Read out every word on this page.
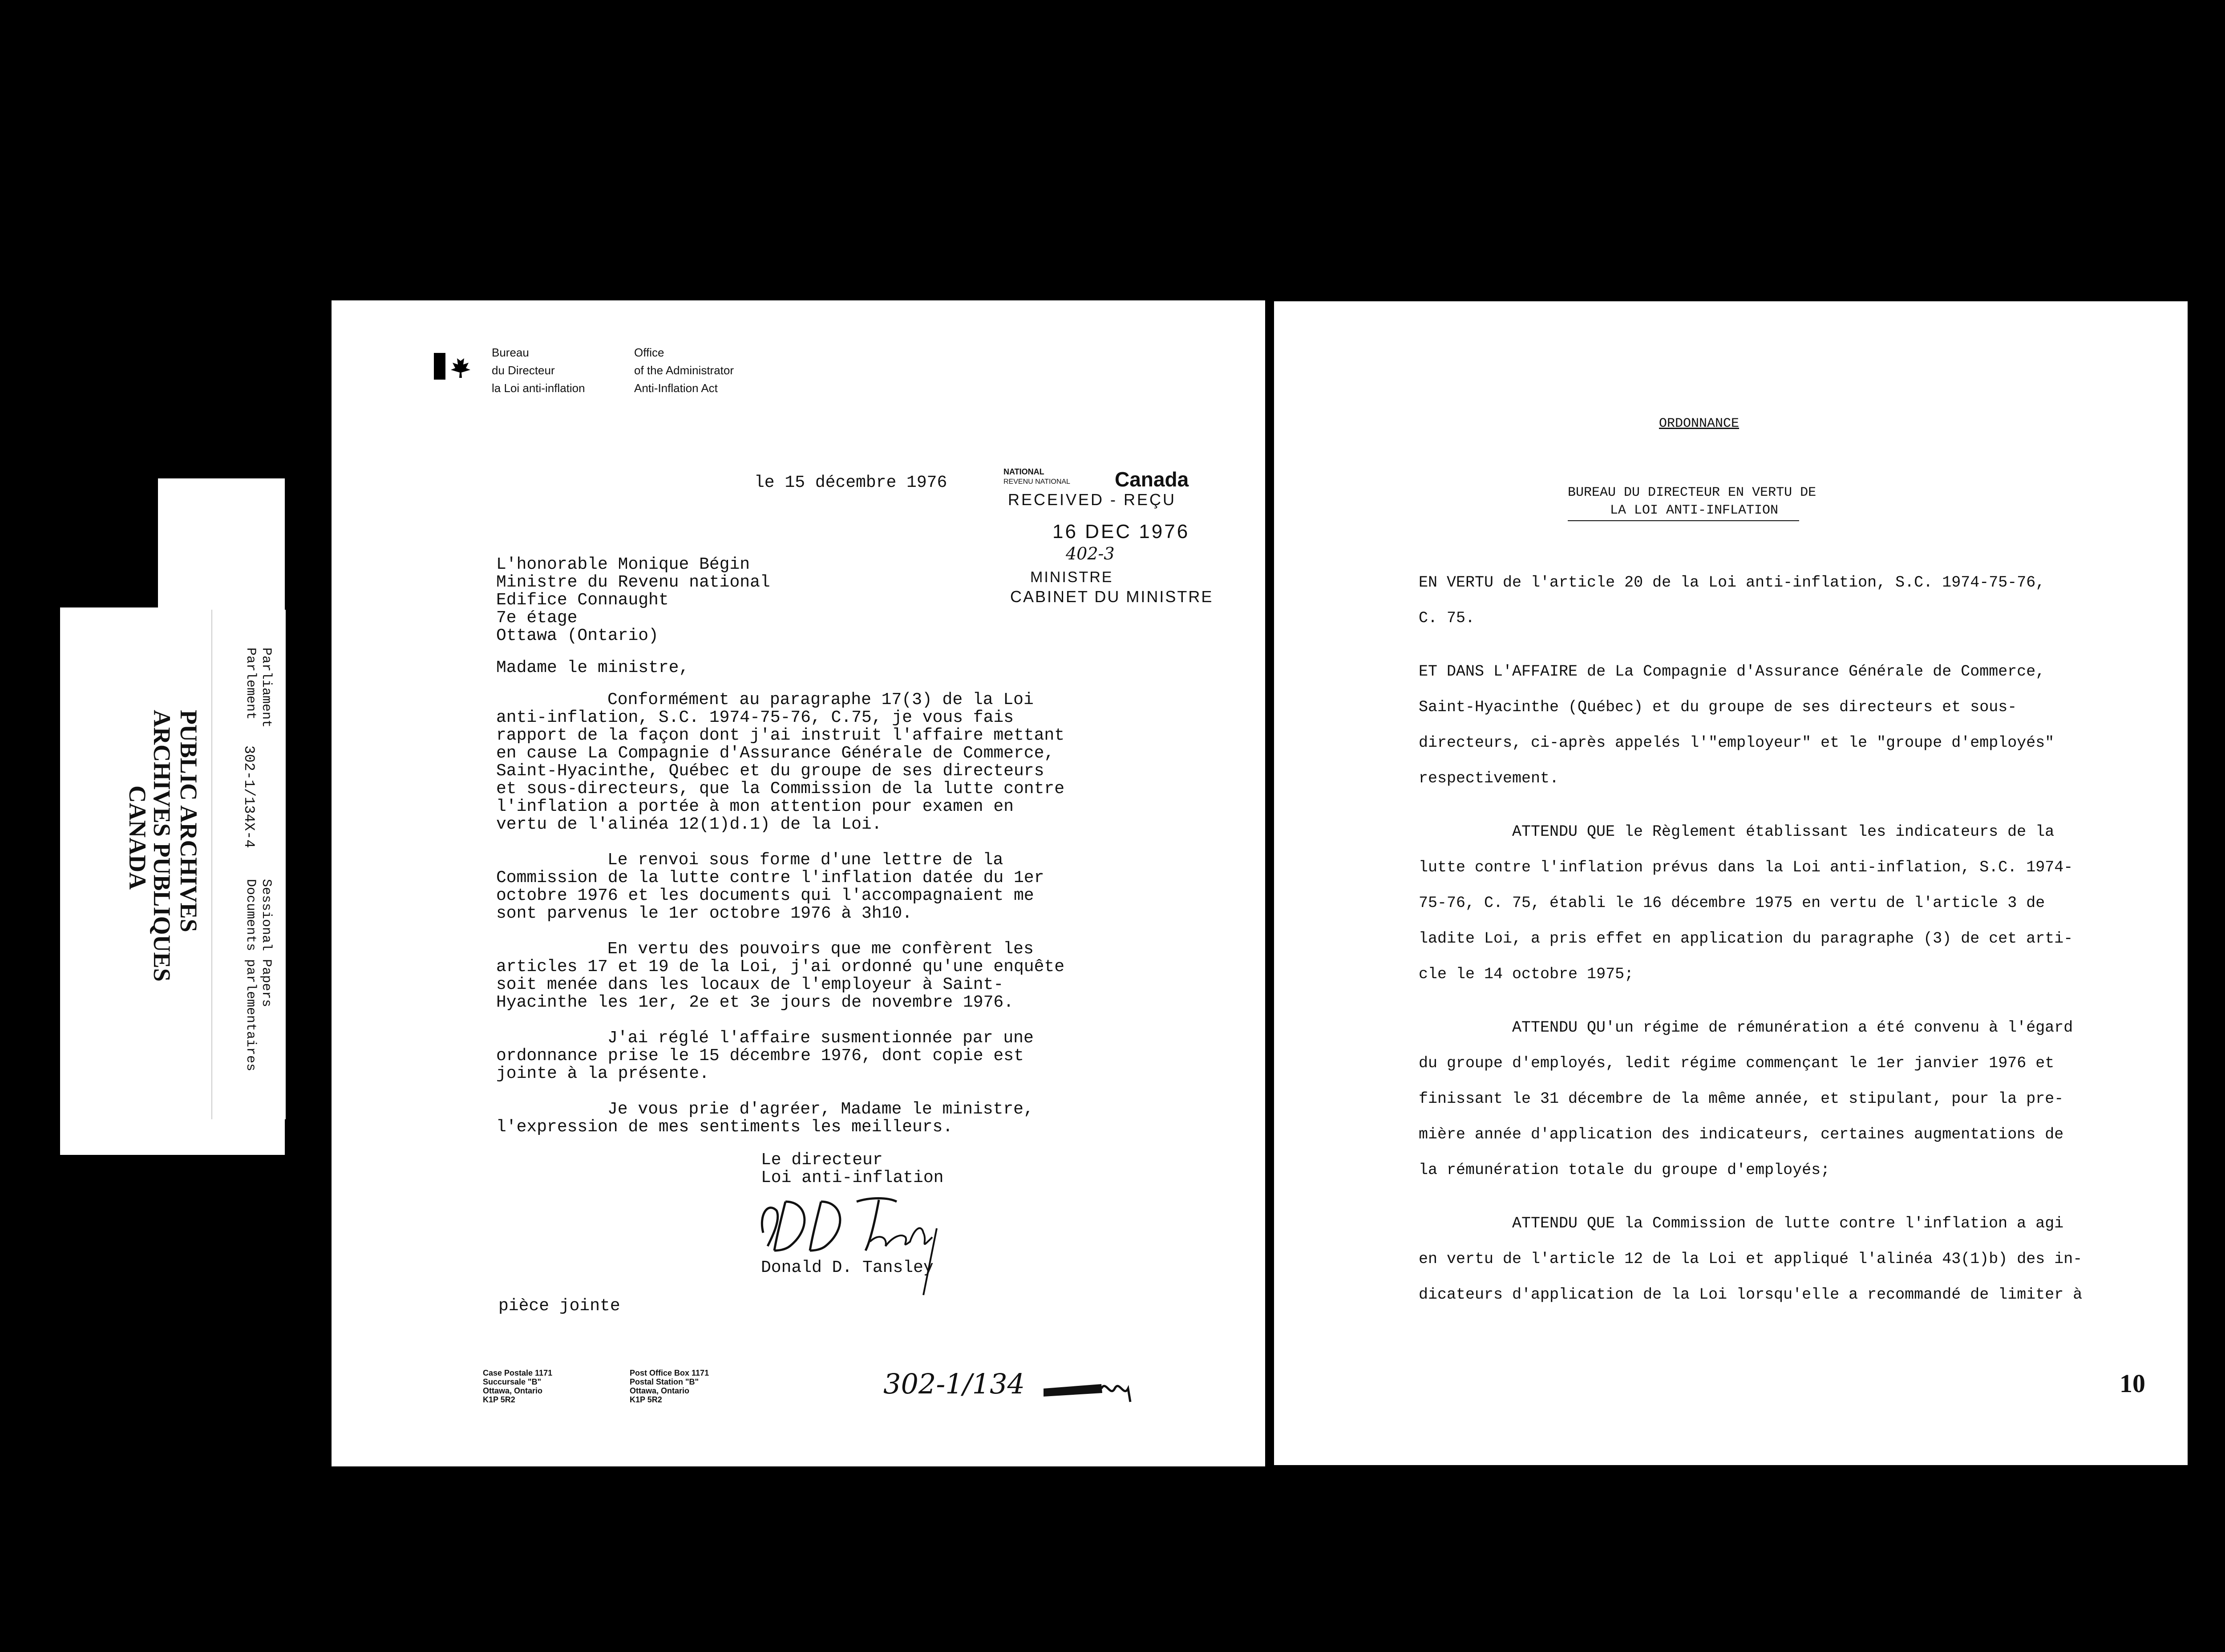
PUBLIC ARCHIVES
ARCHIVES PUBLIQUES
CANADA
Parliament
Parlement
302-1/134X-4
Sessional Papers
Documents parlementaires
Bureau
du Directeur
la Loi anti-inflation
Office
of the Administrator
Anti-Inflation Act
le 15 décembre 1976
NATIONAL
REVENU NATIONAL Canada
RECEIVED - REÇU
16 DEC 1976
402-3
MINISTRE
CABINET DU MINISTRE
L'honorable Monique Bégin
Ministre du Revenu national
Edifice Connaught
7e étage
Ottawa (Ontario)
Madame le ministre,
Conformément au paragraphe 17(3) de la Loi
anti-inflation, S.C. 1974-75-76, C.75, je vous fais
rapport de la façon dont j'ai instruit l'affaire mettant
en cause La Compagnie d'Assurance Générale de Commerce,
Saint-Hyacinthe, Québec et du groupe de ses directeurs
et sous-directeurs, que la Commission de la lutte contre
l'inflation a portée à mon attention pour examen en
vertu de l'alinéa 12(1)d.1) de la Loi.
Le renvoi sous forme d'une lettre de la
Commission de la lutte contre l'inflation datée du 1er
octobre 1976 et les documents qui l'accompagnaient me
sont parvenus le 1er octobre 1976 à 3h10.
En vertu des pouvoirs que me confèrent les
articles 17 et 19 de la Loi, j'ai ordonné qu'une enquête
soit menée dans les locaux de l'employeur à Saint-
Hyacinthe les 1er, 2e et 3e jours de novembre 1976.
J'ai réglé l'affaire susmentionnée par une
ordonnance prise le 15 décembre 1976, dont copie est
jointe à la présente.
Je vous prie d'agréer, Madame le ministre,
l'expression de mes sentiments les meilleurs.
Le directeur
Loi anti-inflation
Donald D. Tansley
pièce jointe
Case Postale 1171
Succursale "B"
Ottawa, Ontario
K1P 5R2
Post Office Box 1171
Postal Station "B"
Ottawa, Ontario
K1P 5R2	302-1/134
ORDONNANCE
BUREAU DU DIRECTEUR EN VERTU DE
LA LOI ANTI-INFLATION
EN VERTU de l'article 20 de la Loi anti-inflation, S.C. 1974-75-76,
C. 75.
ET DANS L'AFFAIRE de La Compagnie d'Assurance Générale de Commerce,
Saint-Hyacinthe (Québec) et du groupe de ses directeurs et sous-
directeurs, ci-après appelés l'"employeur" et le "groupe d'employés"
respectivement.
ATTENDU QUE le Règlement établissant les indicateurs de la
lutte contre l'inflation prévus dans la Loi anti-inflation, S.C. 1974-
75-76, C. 75, établi le 16 décembre 1975 en vertu de l'article 3 de
ladite Loi, a pris effet en application du paragraphe (3) de cet arti-
cle le 14 octobre 1975;
ATTENDU QU'un régime de rémunération a été convenu à l'égard
du groupe d'employés, ledit régime commençant le 1er janvier 1976 et
finissant le 31 décembre de la même année, et stipulant, pour la pre-
mière année d'application des indicateurs, certaines augmentations de
la rémunération totale du groupe d'employés;
ATTENDU QUE la Commission de lutte contre l'inflation a agi
en vertu de l'article 12 de la Loi et appliqué l'alinéa 43(1)b) des in-
dicateurs d'application de la Loi lorsqu'elle a recommandé de limiter à
10
